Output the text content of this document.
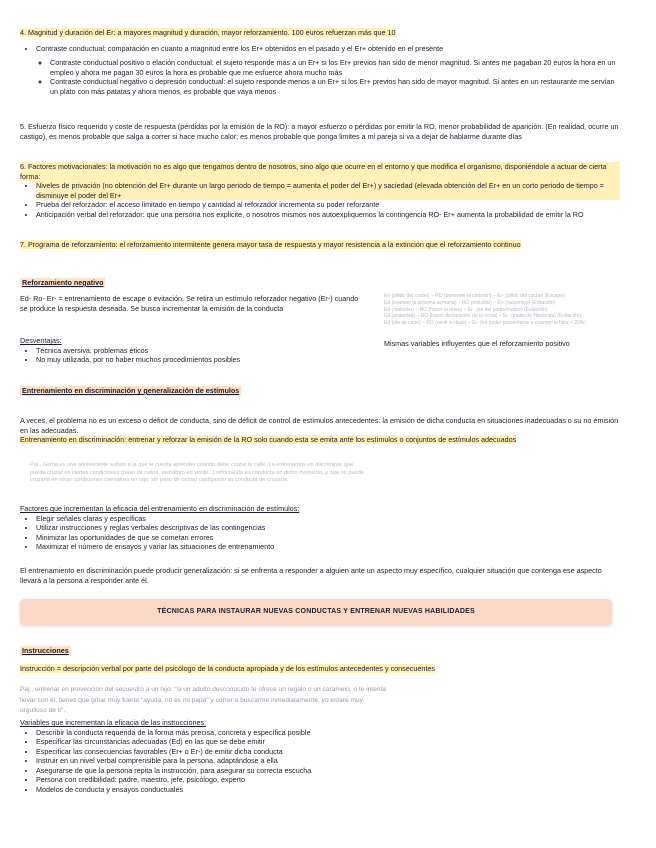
4. Magnitud y duración del Er: a mayores magnitud y duración, mayor reforzamiento. 100 euros refuerzan más que 10
• Contraste conductual: comparación en cuanto a magnitud entre los Er+ obtenidos en el pasado y el Er+ obtenido en el presente
◦ Contraste conductual positivo o elación conductual: el sujeto responde más a un Er+ si los Er+ previos han sido de menor magnitud. Si antes me pagaban 20 euros la hora en un empleo y ahora me pagan 30 euros la hora es probable que me esfuerce ahora mucho más
◦ Contraste conductual negativo o depresión conductual: el sujeto responde menos a un Er+ si los Er+ previos han sido de mayor magnitud. Si antes en un restaurante me servían un plato con más patatas y ahora menos, es probable que vaya menos
5. Esfuerzo físico requerido y coste de respuesta (pérdidas por la emisión de la RO): a mayor esfuerzo o pérdidas por emitir la RO, menor probabilidad de aparición. (En realidad, ocurre un castigo), es menos probable que salga a correr si hace mucho calor; es menos probable que ponga limites a mi pareja si va a dejar de hablarme durante días
6. Factores motivacionales: la motivación no es algo que tengamos dentro de nosotros, sino algo que ocurre en el entorno y que modifica el organismo, disponiéndole a actuar de cierta forma:
• Niveles de privación (no obtención del Er+ durante un largo periodo de tiempo = aumenta el poder del Er+) y saciedad (elevada obtención del Er+ en un corto periodo de tiempo = disminuye el poder del Er+
• Prueba del reforzador: el acceso limitado en tiempo y cantidad al reforzador incrementa su poder reforzante
• Anticipación verbal del reforzador: que una persona nos explicite, o nosotros mismos nos autoexpliquemos la contingencia RO- Er+ aumenta la probabilidad de emitir la RO
7. Programa de reforzamiento: el reforzamiento intermitente genera mayor tasa de respuesta y mayor resistencia a la extinción que el reforzamiento continuo
Reforzamiento negativo
Ed- Ro- Er- = entrenamiento de escape o evitación. Se retira un estímulo reforzador negativo (Er-) cuando se produce la respuesta deseada. Se busca incrementar la emisión de la conducta
En (pitido del coche) – RO (ponerme el cinturón) – Er- (pitido del coche) (Escape)
Ed (examen la próxima semana) – RO (estudiar) – Er- (suspenso) (Evitación)
Ed (malestar) – RO (hacer la tarea) – Er- (ira del padre/madre) (Evitación)
Ed (ansiedad) – RO (hacer declaración de la renta) – Er- (multa de Hacienda) (Evitación)
Ed (ola de calor) – RO (venir a clase) – Er- (no poder presentarse a examen si falta + 20%)
Desventajas:
• Técnica aversiva, problemas éticos
• No muy utilizada, por no haber muchos procedimientos posibles
Mismas variables influyentes que el reforzamiento positivo
Entrenamiento en discriminación y generalización de estímulos
A veces, el problema no es un exceso o déficit de conducta, sino de déficit de control de estímulos antecedentes: la emisión de dicha conducta en situaciones inadecuadas o su no emisión en las adecuadas.
Entrenamiento en discriminación: entrenar y reforzar la emisión de la RO solo cuando esta se emita ante los estímulos o conjuntos de estímulos adecuados
Paj., Gema es una adolescente autista a la que le cuesta aprender cuándo debe cruzar la calle. La entrenamos en discriminar que puede cruzar en ciertas condiciones (paso de cebra, semáforo en verde...) reforzando su conducta en dicho momento, y que no puede cruzarla en otras condiciones (semáforo en rojo, sin paso de cebra) castigando su conducta de cruzarla.
Factores que incrementan la eficacia del entrenamiento en discriminación de estímulos:
• Elegir señales claras y específicas
• Utilizar instrucciones y reglas verbales descriptivas de las contingencias
• Minimizar las oportunidades de que se cometan errores
• Maximizar el número de ensayos y variar las situaciones de entrenamiento
El entrenamiento en discriminación puede producir generalización: si se enfrenta a responder a alguien ante un aspecto muy específico, cualquier situación que contenga ese aspecto llevará a la persona a responder ante él.
TÉCNICAS PARA INSTAURAR NUEVAS CONDUCTAS Y ENTRENAR NUEVAS HABILIDADES
Instrucciones
Instrucción = descripción verbal por parte del psicólogo de la conducta apropiada y de los estímulos antecedentes y consecuentes
Paj., entrenar en prevención del secuestro a un hijo: "si un adulto desconocido te ofrece un regalo o un caramelo, o te intenta llevar con él, tienes que gritar muy fuerte "ayuda, no es mi papá" y correr a buscarme inmediatamente, yo estaré muy orgulloso de ti".
Variables que incrementan la eficacia de las instrucciones:
• Describir la conducta requerida de la forma más precisa, concreta y específica posible
• Especificar las circunstancias adecuadas (Ed) en las que se debe emitir
• Especificar las consecuencias favorables (Er+ o Er-) de emitir dicha conducta
• Instruir en un nivel verbal comprensible para la persona, adaptándose a ella
• Asegurarse de que la persona repita la instrucción, para asegurar su correcta escucha
• Persona con credibilidad: padre, maestro, jefe, psicólogo, experto
• Modelos de conducta y ensayos conductuales
